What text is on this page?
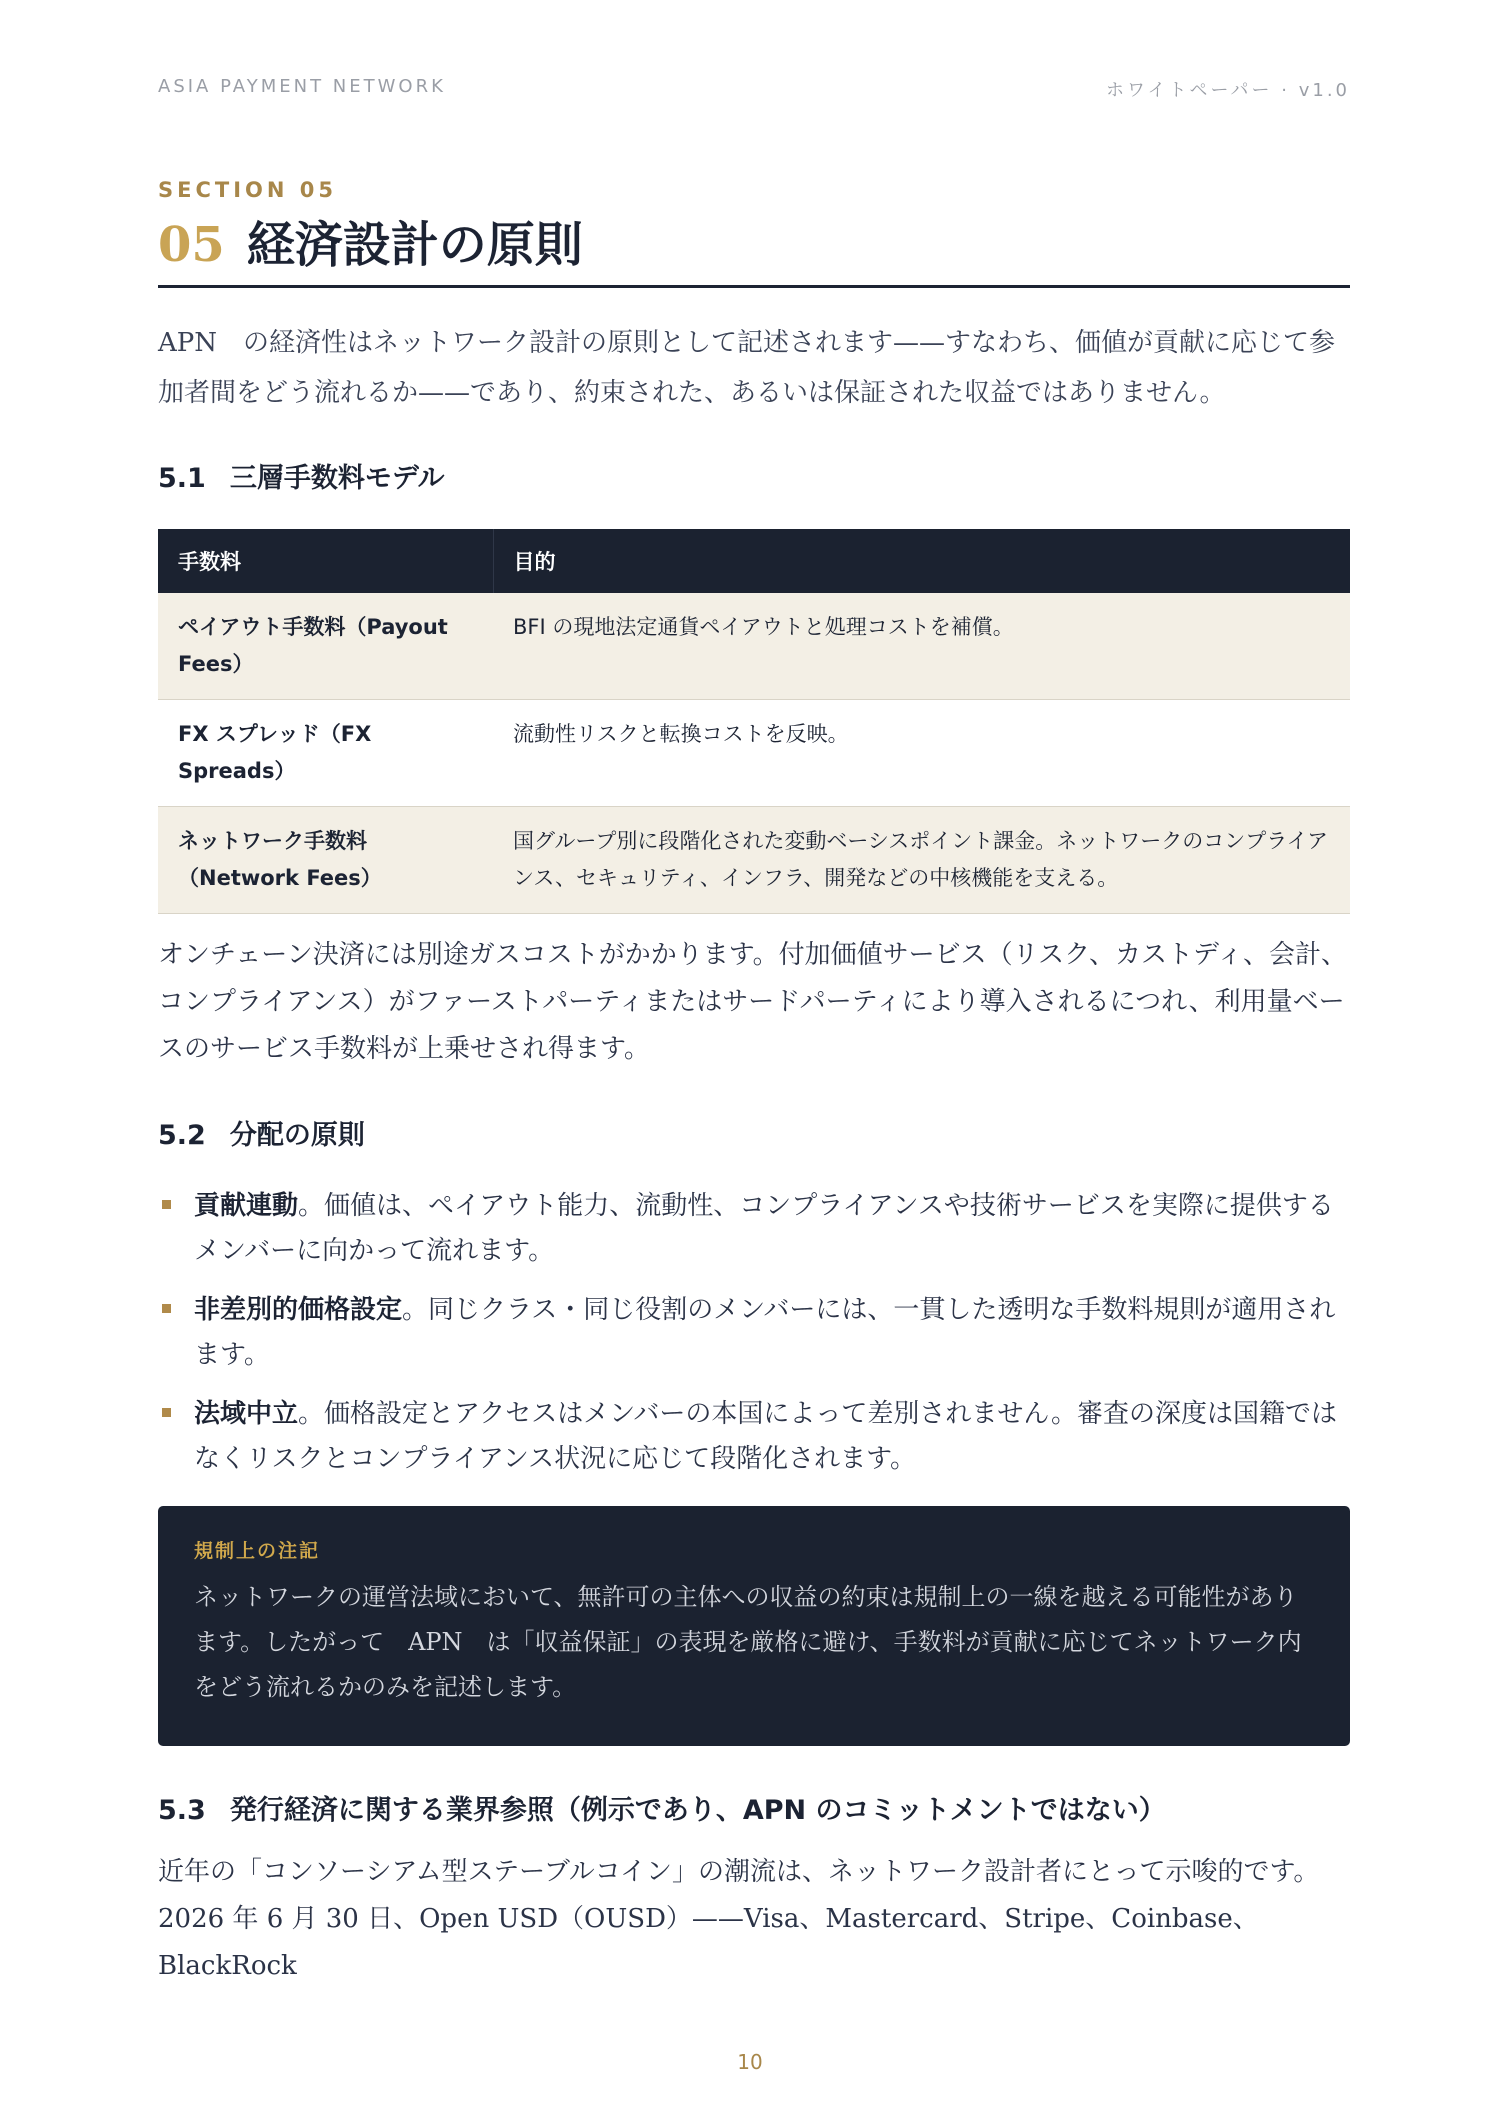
ASIA PAYMENT NETWORK	ホワイトペーパー · v1.0

SECTION 05

05 経済設計の原則

APN　の経済性はネットワーク設計の原則として記述されます——すなわち、価値が貢献に応じて参加者間をどう流れるか——であり、約束された、あるいは保証された収益ではありません。

5.1 三層手数料モデル
手数料	目的
ペイアウト手数料（Payout Fees）	BFI の現地法定通貨ペイアウトと処理コストを補償。
FX スプレッド（FX Spreads）	流動性リスクと転換コストを反映。
ネットワーク手数料（Network Fees）	国グループ別に段階化された変動ベーシスポイント課金。ネットワークのコンプライアンス、セキュリティ、インフラ、開発などの中核機能を支える。

オンチェーン決済には別途ガスコストがかかります。付加価値サービス（リスク、カストディ、会計、コンプライアンス）がファーストパーティまたはサードパーティにより導入されるにつれ、利用量ベースのサービス手数料が上乗せされ得ます。

5.2 分配の原則
貢献連動。価値は、ペイアウト能力、流動性、コンプライアンスや技術サービスを実際に提供するメンバーに向かって流れます。
非差別的価格設定。同じクラス・同じ役割のメンバーには、一貫した透明な手数料規則が適用されます。
法域中立。価格設定とアクセスはメンバーの本国によって差別されません。審査の深度は国籍ではなくリスクとコンプライアンス状況に応じて段階化されます。
規制上の注記
ネットワークの運営法域において、無許可の主体への収益の約束は規制上の一線を越える可能性があります。したがって　APN　は「収益保証」の表現を厳格に避け、手数料が貢献に応じてネットワーク内をどう流れるかのみを記述します。
5.3 発行経済に関する業界参照（例示であり、APN のコミットメントではない）

近年の「コンソーシアム型ステーブルコイン」の潮流は、ネットワーク設計者にとって示唆的です。2026 年 6 月 30 日、Open USD（OUSD）——Visa、Mastercard、Stripe、Coinbase、BlackRock

10
